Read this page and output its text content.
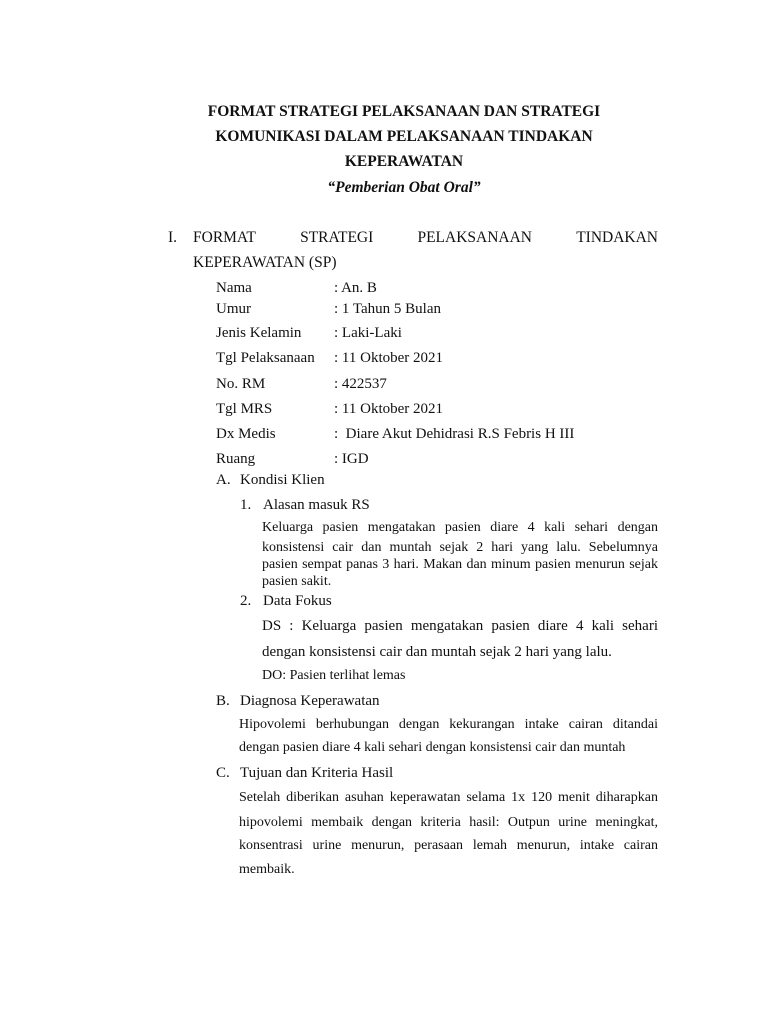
FORMAT STRATEGI PELAKSANAAN DAN STRATEGI
KOMUNIKASI DALAM PELAKSANAAN TINDAKAN
KEPERAWATAN
“Pemberian Obat Oral”
I. FORMAT	STRATEGI	PELAKSANAAN	TINDAKAN
KEPERAWATAN (SP)
Nama	: An. B
Umur	: 1 Tahun 5 Bulan
Jenis Kelamin : Laki-Laki
Tgl Pelaksanaan : 11 Oktober 2021
No. RM	: 422537
Tgl MRS	: 11 Oktober 2021
Dx Medis	:  Diare Akut Dehidrasi R.S Febris H III
Ruang	: IGD
A. Kondisi Klien
1. Alasan masuk RS
Keluarga pasien mengatakan pasien diare 4 kali sehari dengan
konsistensi cair dan muntah sejak 2 hari yang lalu. Sebelumnya
pasien sempat panas 3 hari. Makan dan minum pasien menurun sejak
pasien sakit.
2. Data Fokus
DS : Keluarga pasien mengatakan pasien diare 4 kali sehari
dengan konsistensi cair dan muntah sejak 2 hari yang lalu.
DO: Pasien terlihat lemas
B. Diagnosa Keperawatan
Hipovolemi berhubungan dengan kekurangan intake cairan ditandai
dengan pasien diare 4 kali sehari dengan konsistensi cair dan muntah
C. Tujuan dan Kriteria Hasil
Setelah diberikan asuhan keperawatan selama 1x 120 menit diharapkan
hipovolemi membaik dengan kriteria hasil: Outpun urine meningkat,
konsentrasi urine menurun, perasaan lemah menurun, intake cairan
membaik.
